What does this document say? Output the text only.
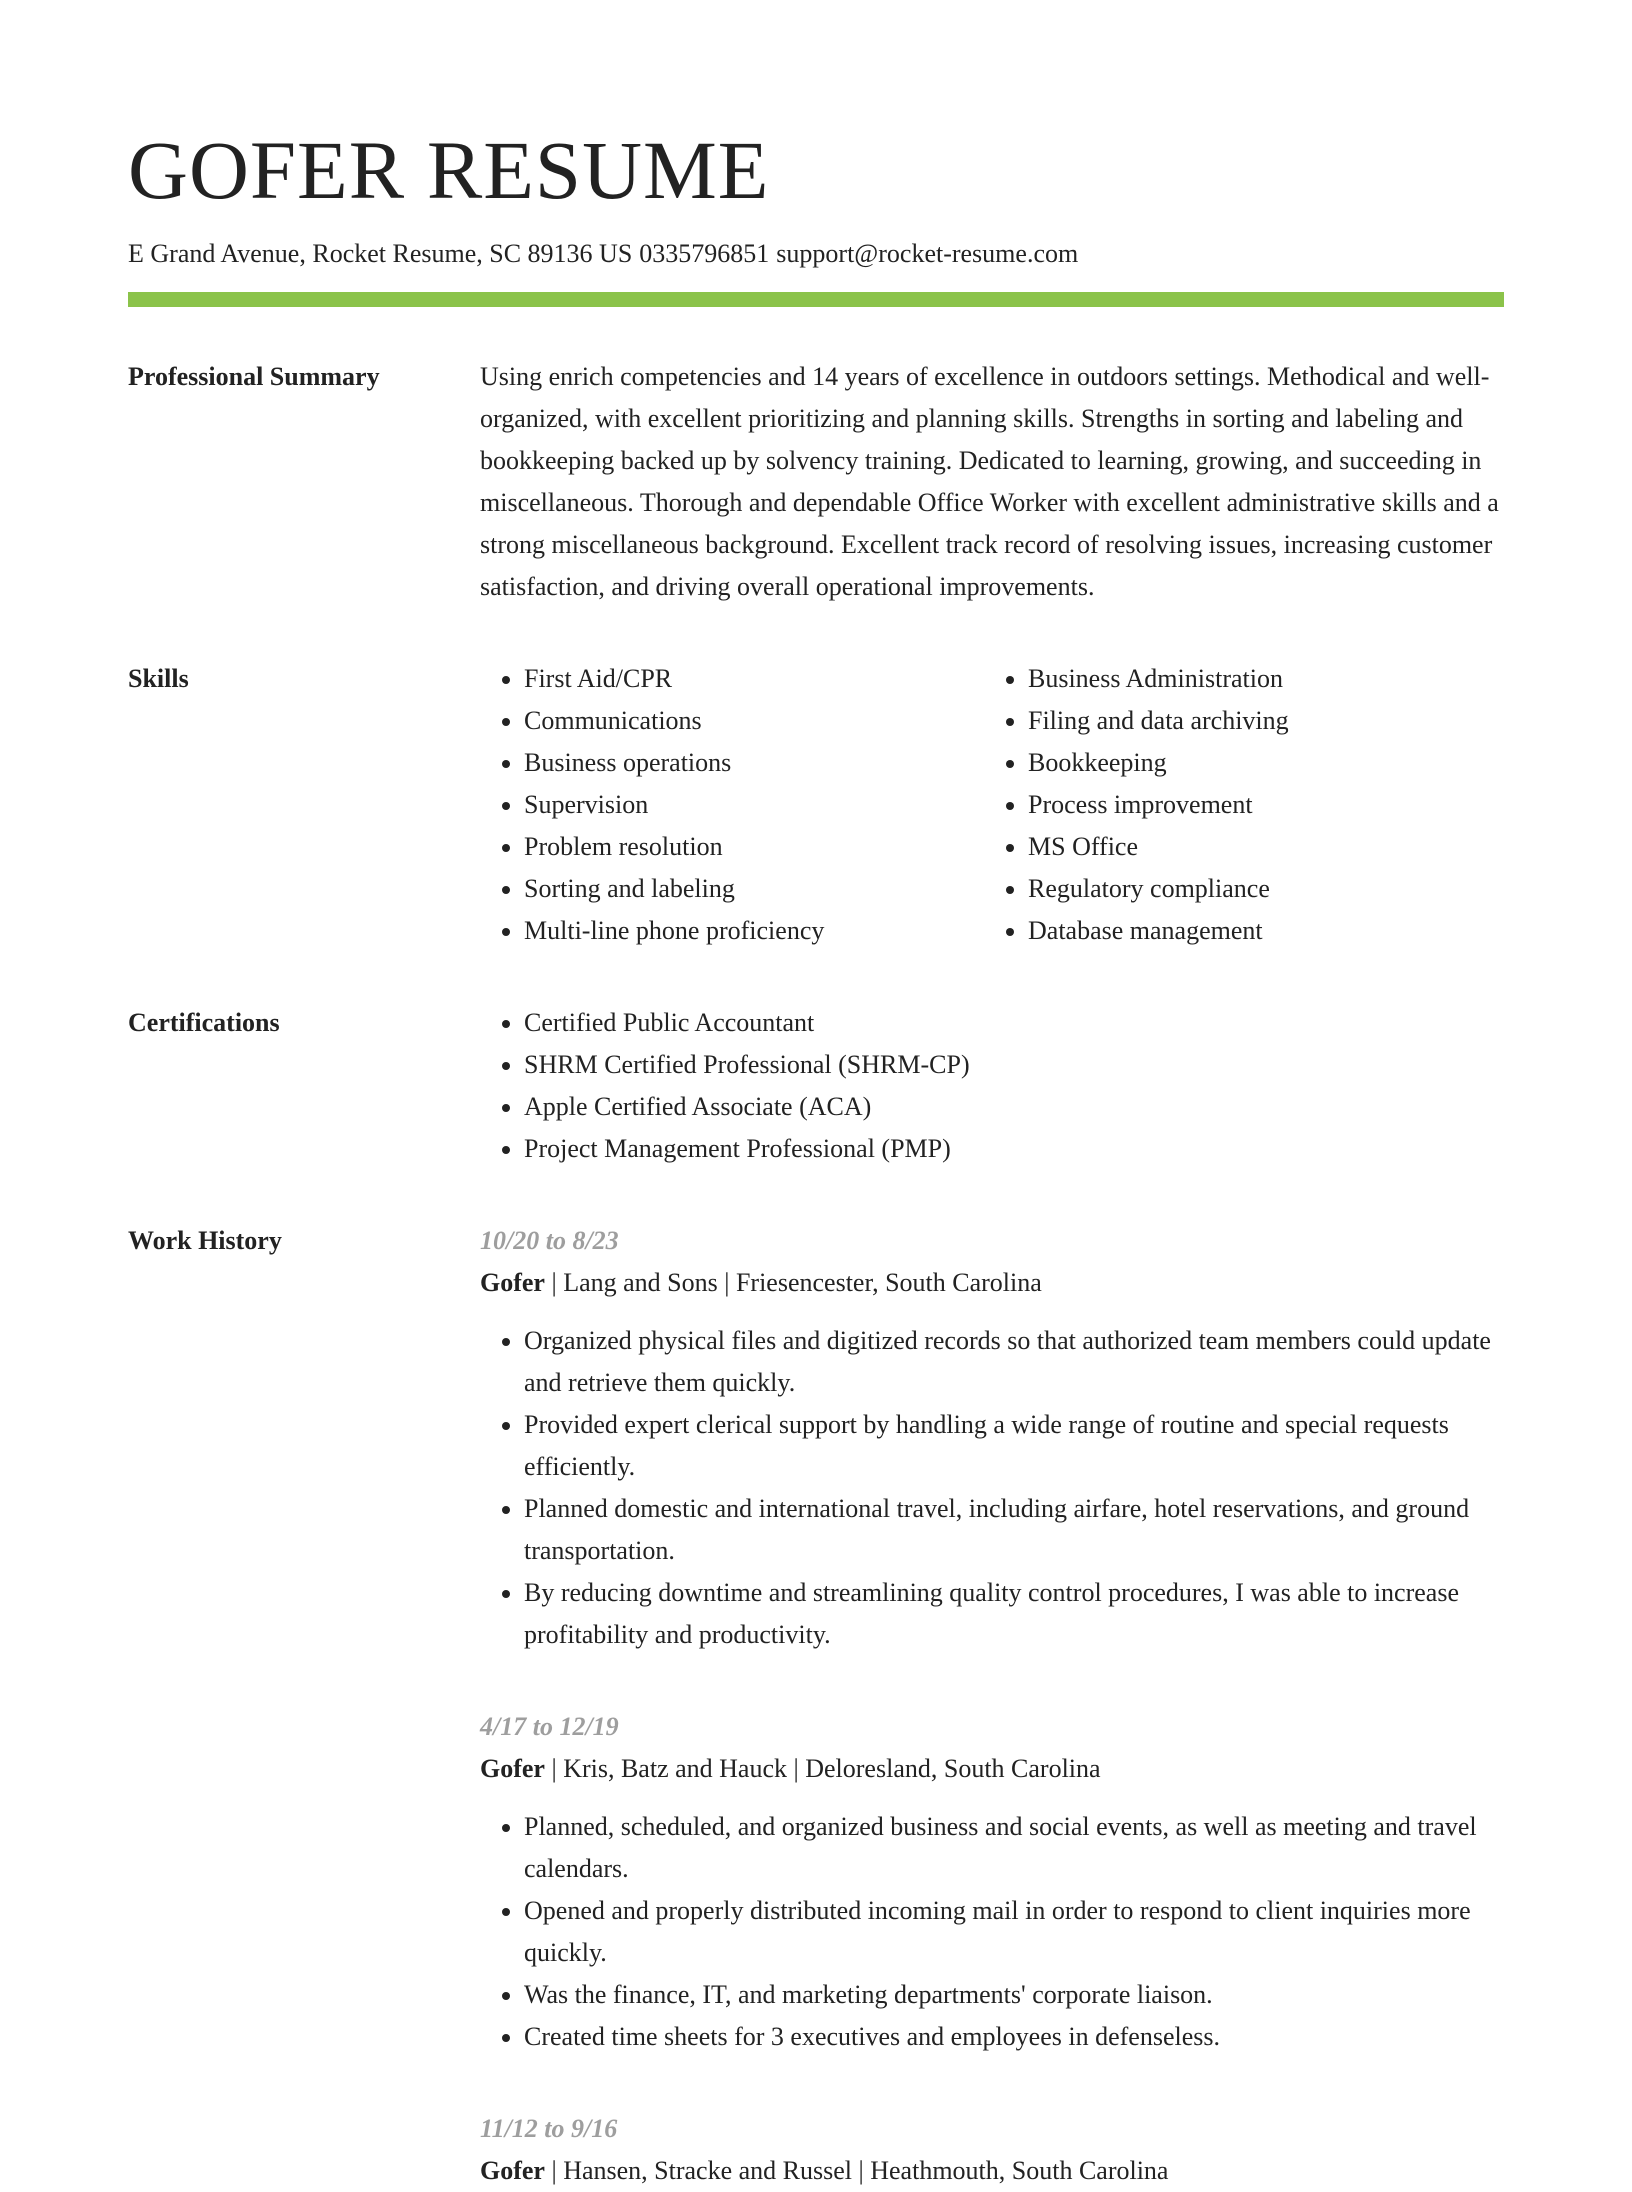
GOFER RESUME
E Grand Avenue, Rocket Resume, SC 89136 US 0335796851 support@rocket-resume.com
Professional Summary	Using enrich competencies and 14 years of excellence in outdoors settings. Methodical and well-organized, with excellent prioritizing and planning skills. Strengths in sorting and labeling and bookkeeping backed up by solvency training. Dedicated to learning, growing, and succeeding in miscellaneous. Thorough and dependable Office Worker with excellent administrative skills and a strong miscellaneous background. Excellent track record of resolving issues, increasing customer satisfaction, and driving overall operational improvements.

Skills	• First Aid/CPR
• Communications
• Business operations
• Supervision
• Problem resolution
• Sorting and labeling
• Multi-line phone proficiency
• Business Administration
• Filing and data archiving
• Bookkeeping
• Process improvement
• MS Office
• Regulatory compliance
• Database management
Certifications	• Certified Public Accountant
• SHRM Certified Professional (SHRM-CP)
• Apple Certified Associate (ACA)
• Project Management Professional (PMP)
Work History	10/20 to 8/23
Gofer | Lang and Sons | Friesencester, South Carolina
• Organized physical files and digitized records so that authorized team members could update and retrieve them quickly.
• Provided expert clerical support by handling a wide range of routine and special requests efficiently.
• Planned domestic and international travel, including airfare, hotel reservations, and ground transportation.
• By reducing downtime and streamlining quality control procedures, I was able to increase profitability and productivity.
4/17 to 12/19
Gofer | Kris, Batz and Hauck | Deloresland, South Carolina
• Planned, scheduled, and organized business and social events, as well as meeting and travel calendars.
• Opened and properly distributed incoming mail in order to respond to client inquiries more quickly.
• Was the finance, IT, and marketing departments' corporate liaison.
• Created time sheets for 3 executives and employees in defenseless.
11/12 to 9/16
Gofer | Hansen, Stracke and Russel | Heathmouth, South Carolina
